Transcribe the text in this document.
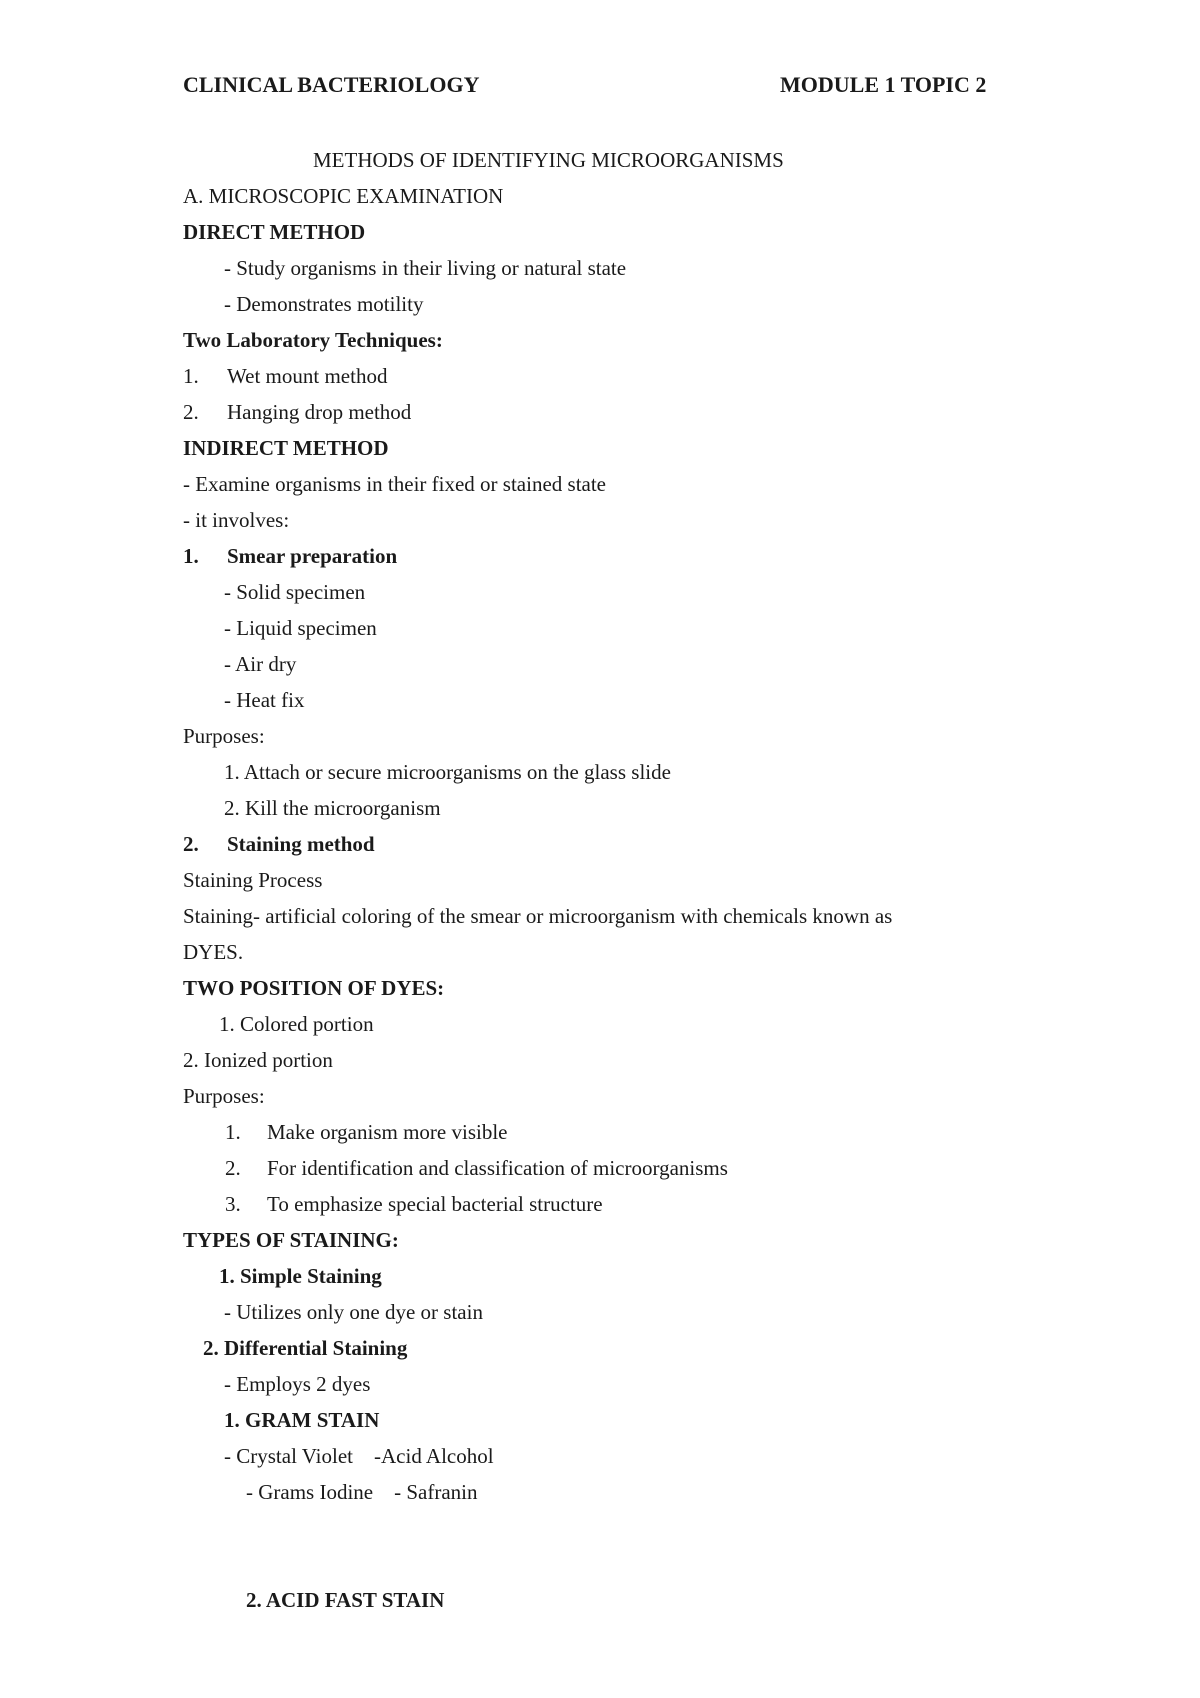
CLINICAL BACTERIOLOGY	MODULE 1 TOPIC 2
METHODS OF IDENTIFYING MICROORGANISMS
A. MICROSCOPIC EXAMINATION
DIRECT METHOD
- Study organisms in their living or natural state
- Demonstrates motility
Two Laboratory Techniques:
1. Wet mount method
2. Hanging drop method
INDIRECT METHOD
- Examine organisms in their fixed or stained state
- it involves:
1. Smear preparation
- Solid specimen
- Liquid specimen
- Air dry
- Heat fix
Purposes:
1. Attach or secure microorganisms on the glass slide
2. Kill the microorganism
2. Staining method
Staining Process
Staining- artificial coloring of the smear or microorganism with chemicals known as
DYES.
TWO POSITION OF DYES:
1. Colored portion
2. Ionized portion
Purposes:
1. Make organism more visible
2. For identification and classification of microorganisms
3. To emphasize special bacterial structure
TYPES OF STAINING:
1. Simple Staining
- Utilizes only one dye or stain
2. Differential Staining
- Employs 2 dyes
1. GRAM STAIN
- Crystal Violet    -Acid Alcohol
- Grams Iodine    - Safranin
2. ACID FAST STAIN
